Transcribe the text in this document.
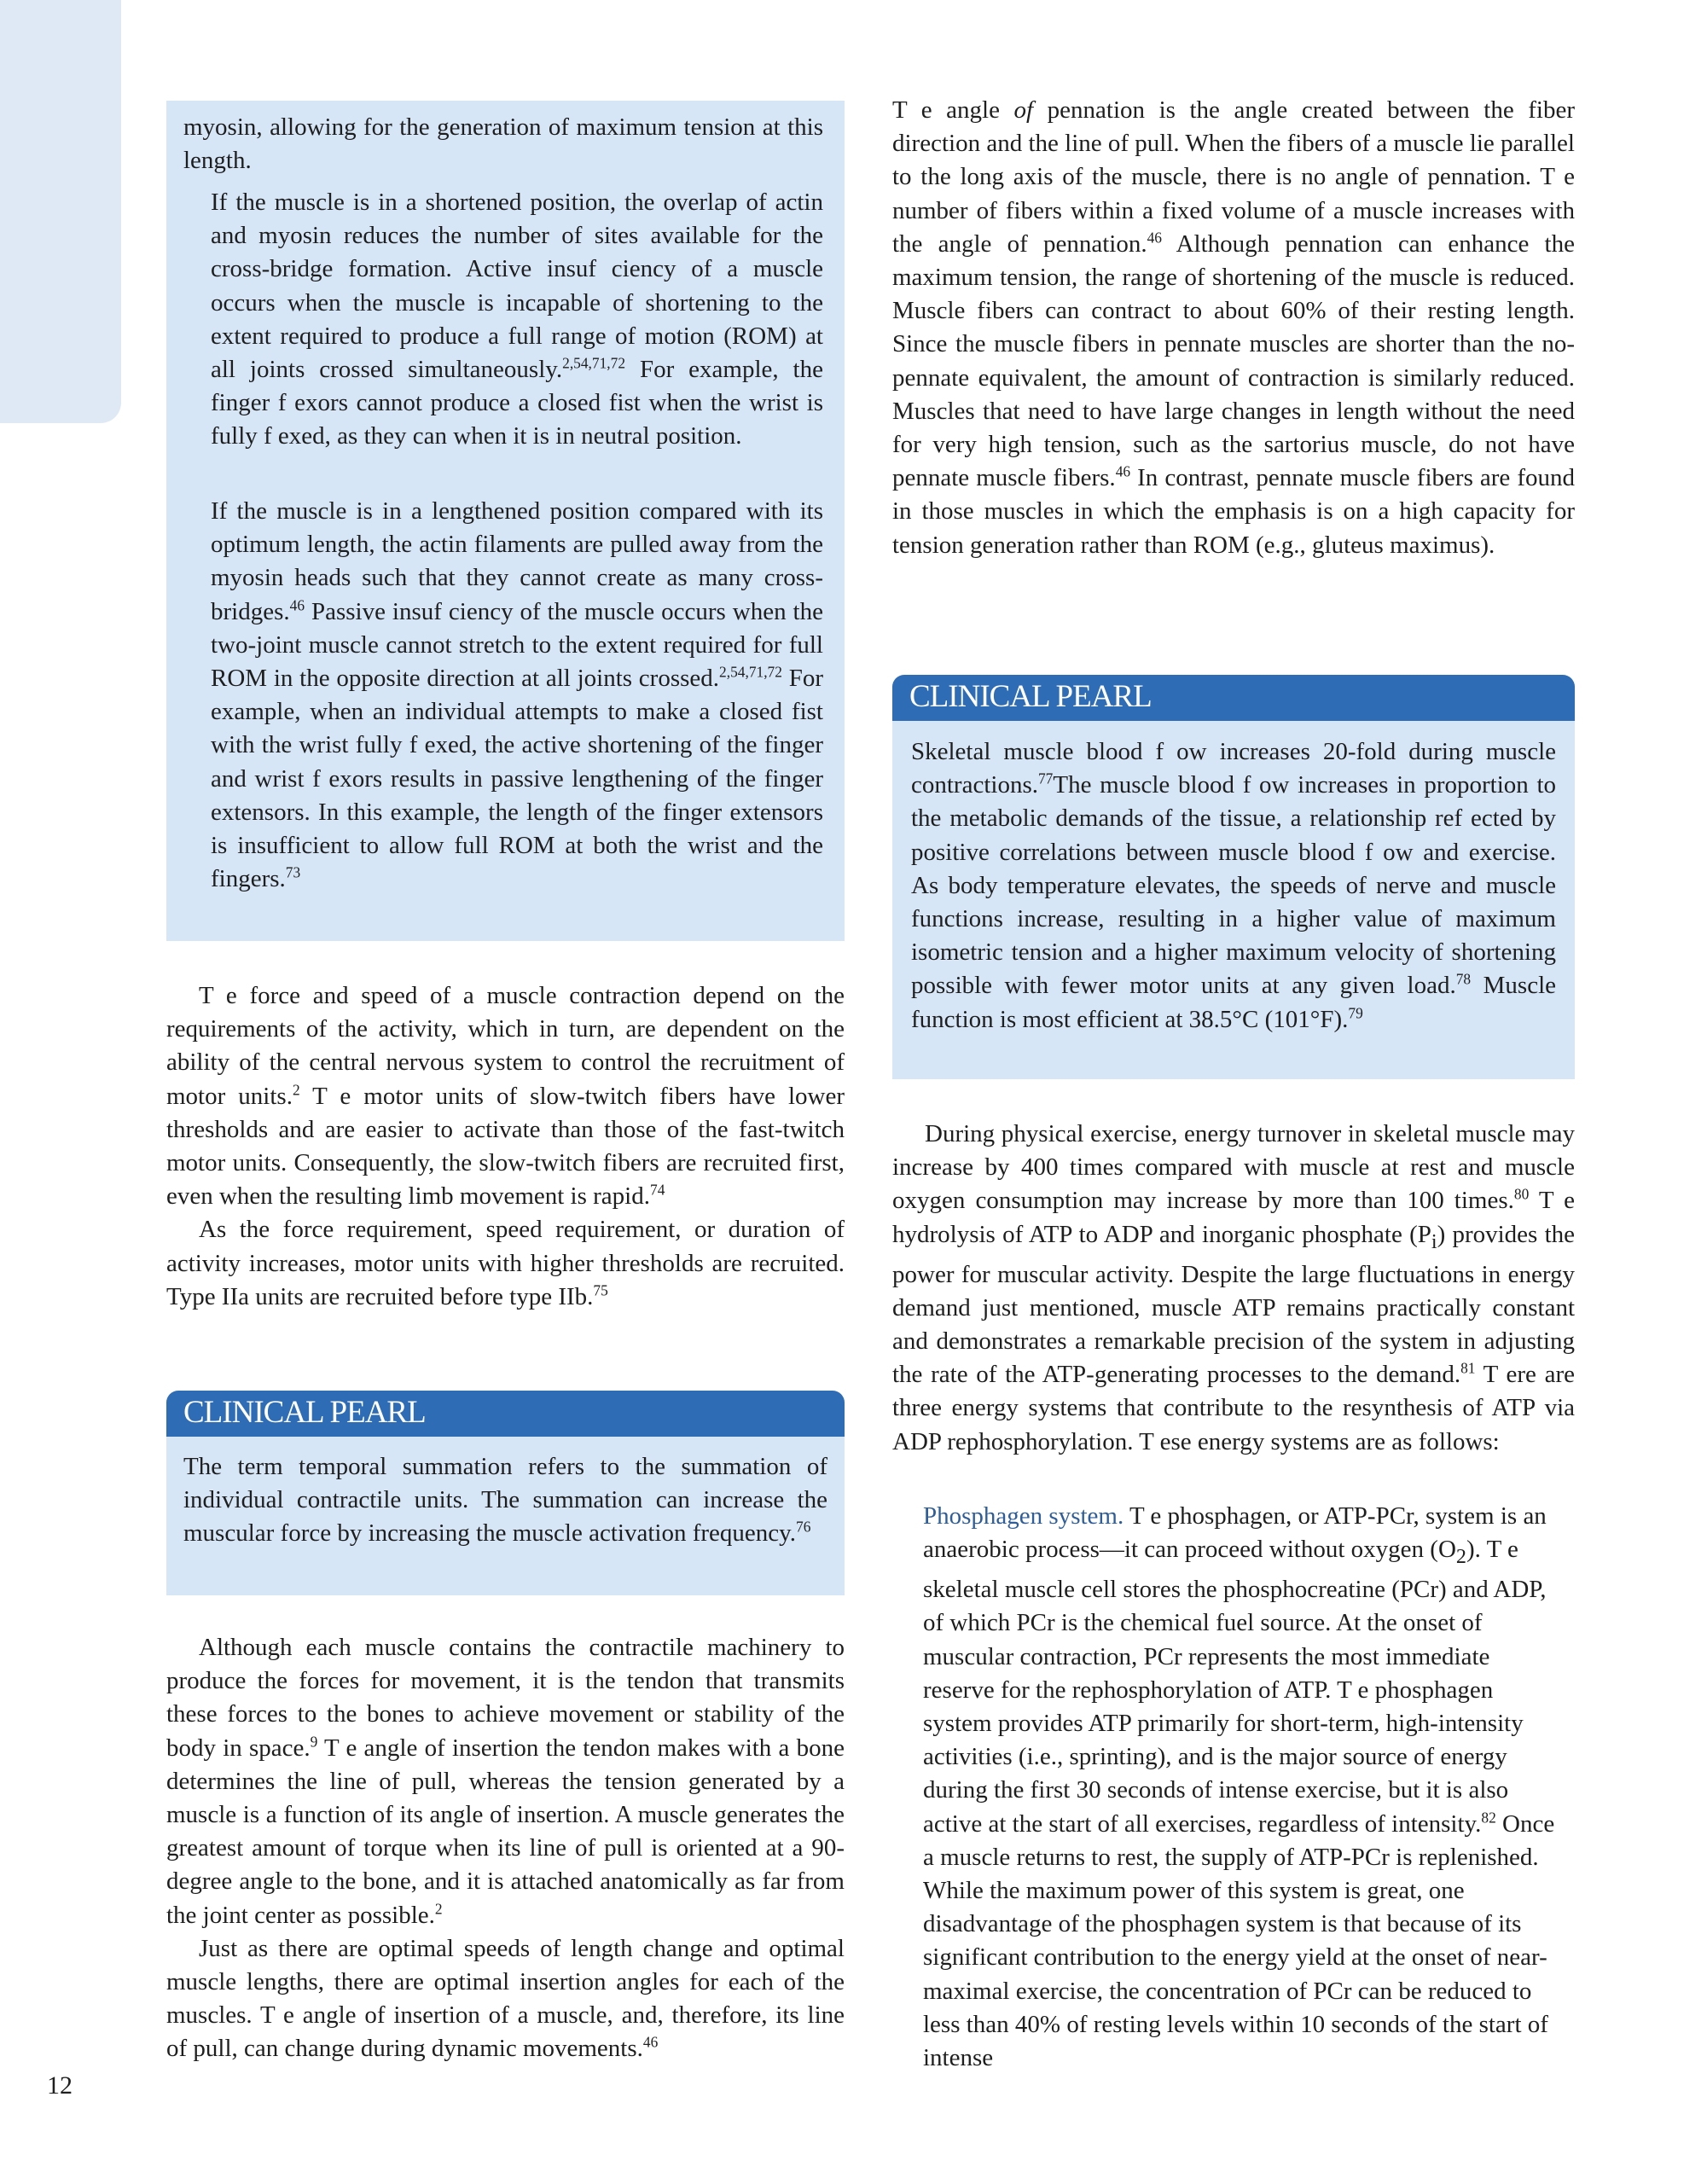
myosin, allowing for the generation of maximum tension at this length.

If the muscle is in a shortened position, the overlap of actin and myosin reduces the number of sites available for the cross-bridge formation. Active insuf ciency of a muscle occurs when the muscle is incapable of shortening to the extent required to produce a full range of motion (ROM) at all joints crossed simultaneously.$^{2,54,71,72}$ For example, the finger f exors cannot produce a closed fist when the wrist is fully f exed, as they can when it is in neutral position.

If the muscle is in a lengthened position compared with its optimum length, the actin filaments are pulled away from the myosin heads such that they cannot create as many cross-bridges.$^{46}$ Passive insuf ciency of the muscle occurs when the two-joint muscle cannot stretch to the extent required for full ROM in the opposite direction at all joints crossed.$^{2,54,71,72}$ For example, when an individual attempts to make a closed fist with the wrist fully f exed, the active shortening of the finger and wrist f exors results in passive lengthening of the finger extensors. In this example, the length of the finger extensors is insufficient to allow full ROM at both the wrist and the fingers.$^{73}$

T e force and speed of a muscle contraction depend on the requirements of the activity, which in turn, are dependent on the ability of the central nervous system to control the recruitment of motor units.$^2$ T e motor units of slow-twitch fibers have lower thresholds and are easier to activate than those of the fast-twitch motor units. Consequently, the slow-twitch fibers are recruited first, even when the resulting limb movement is rapid.$^{74}$

As the force requirement, speed requirement, or duration of activity increases, motor units with higher thresholds are recruited. Type IIa units are recruited before type IIb.$^{75}$

CLINICAL PEARL

The term temporal summation refers to the summation of individual contractile units. The summation can increase the muscular force by increasing the muscle activation frequency.$^{76}$

Although each muscle contains the contractile machinery to produce the forces for movement, it is the tendon that transmits these forces to the bones to achieve movement or stability of the body in space.$^9$ T e angle of insertion the tendon makes with a bone determines the line of pull, whereas the tension generated by a muscle is a function of its angle of insertion. A muscle generates the greatest amount of torque when its line of pull is oriented at a 90-degree angle to the bone, and it is attached anatomically as far from the joint center as possible.$^2$

Just as there are optimal speeds of length change and optimal muscle lengths, there are optimal insertion angles for each of the muscles. T e angle of insertion of a muscle, and, therefore, its line of pull, can change during dynamic movements.$^{46}$

12

T e angle of pennation is the angle created between the fiber direction and the line of pull. When the fibers of a muscle lie parallel to the long axis of the muscle, there is no angle of pennation. T e number of fibers within a fixed volume of a muscle increases with the angle of pennation.$^{46}$ Although pennation can enhance the maximum tension, the range of shortening of the muscle is reduced. Muscle fibers can contract to about 60% of their resting length. Since the muscle fibers in pennate muscles are shorter than the no-pennate equivalent, the amount of contraction is similarly reduced. Muscles that need to have large changes in length without the need for very high tension, such as the sartorius muscle, do not have pennate muscle fibers.$^{46}$ In contrast, pennate muscle fibers are found in those muscles in which the emphasis is on a high capacity for tension generation rather than ROM (e.g., gluteus maximus).

CLINICAL PEARL

Skeletal muscle blood f ow increases 20-fold during muscle contractions.$^{77}$The muscle blood f ow increases in proportion to the metabolic demands of the tissue, a relationship ref ected by positive correlations between muscle blood f ow and exercise. As body temperature elevates, the speeds of nerve and muscle functions increase, resulting in a higher value of maximum isometric tension and a higher maximum velocity of shortening possible with fewer motor units at any given load.$^{78}$ Muscle function is most efficient at 38.5°C (101°F).$^{79}$

During physical exercise, energy turnover in skeletal muscle may increase by 400 times compared with muscle at rest and muscle oxygen consumption may increase by more than 100 times.$^{80}$ T e hydrolysis of ATP to ADP and inorganic phosphate $(P_i)$ provides the power for muscular activity. Despite the large fluctuations in energy demand just mentioned, muscle ATP remains practically constant and demonstrates a remarkable precision of the system in adjusting the rate of the ATP-generating processes to the demand.$^{81}$ T ere are three energy systems that contribute to the resynthesis of ATP via ADP rephosphorylation. T ese energy systems are as follows:

Phosphagen system. T e phosphagen, or ATP-PCr, system is an anaerobic process—it can proceed without oxygen $(O_2)$. T e skeletal muscle cell stores the phosphocreatine (PCr) and ADP, of which PCr is the chemical fuel source. At the onset of muscular contraction, PCr represents the most immediate reserve for the rephosphorylation of ATP. T e phosphagen system provides ATP primarily for short-term, high-intensity activities (i.e., sprinting), and is the major source of energy during the first 30 seconds of intense exercise, but it is also active at the start of all exercises, regardless of intensity.$^{82}$ Once a muscle returns to rest, the supply of ATP-PCr is replenished. While the maximum power of this system is great, one disadvantage of the phosphagen system is that because of its significant contribution to the energy yield at the onset of near-maximal exercise, the concentration of PCr can be reduced to less than 40% of resting levels within 10 seconds of the start of intense
